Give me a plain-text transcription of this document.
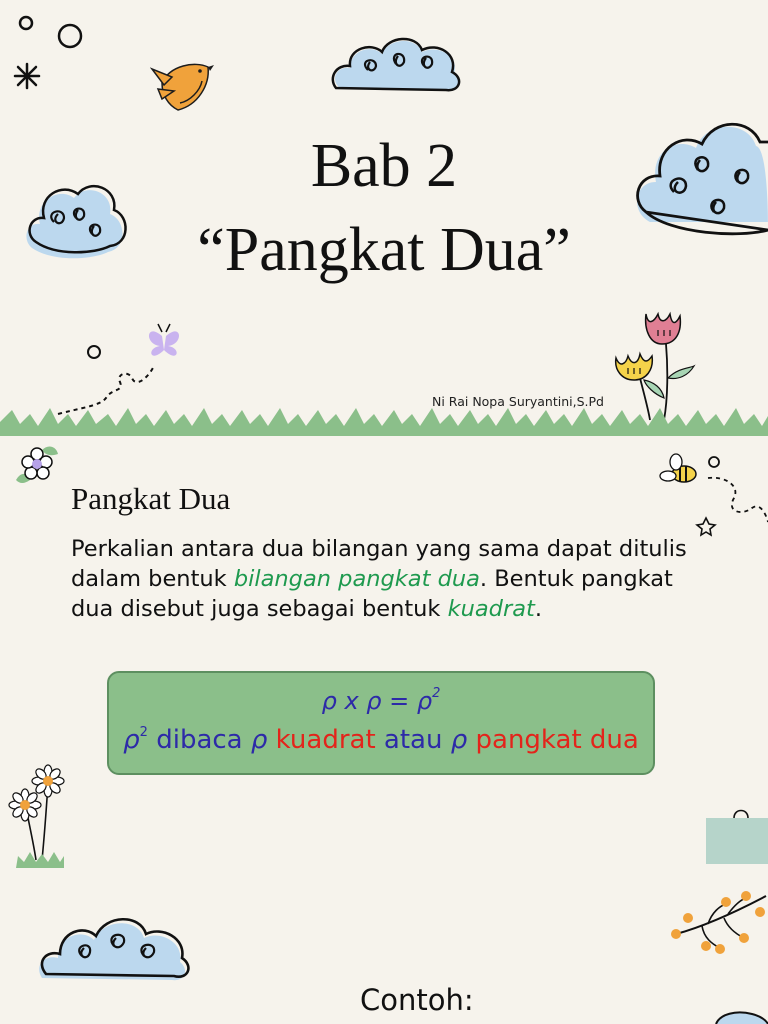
Bab 2
“Pangkat Dua”
Ni Rai Nopa Suryantini,S.Pd
Pangkat Dua
Perkalian antara dua bilangan yang sama dapat ditulis dalam bentuk bilangan pangkat dua. Bentuk pangkat dua disebut juga sebagai bentuk kuadrat.
ρ x $\rho = \rho^2$
$\rho^2$ dibaca ρ kuadrat atau ρ pangkat dua
Contoh:
